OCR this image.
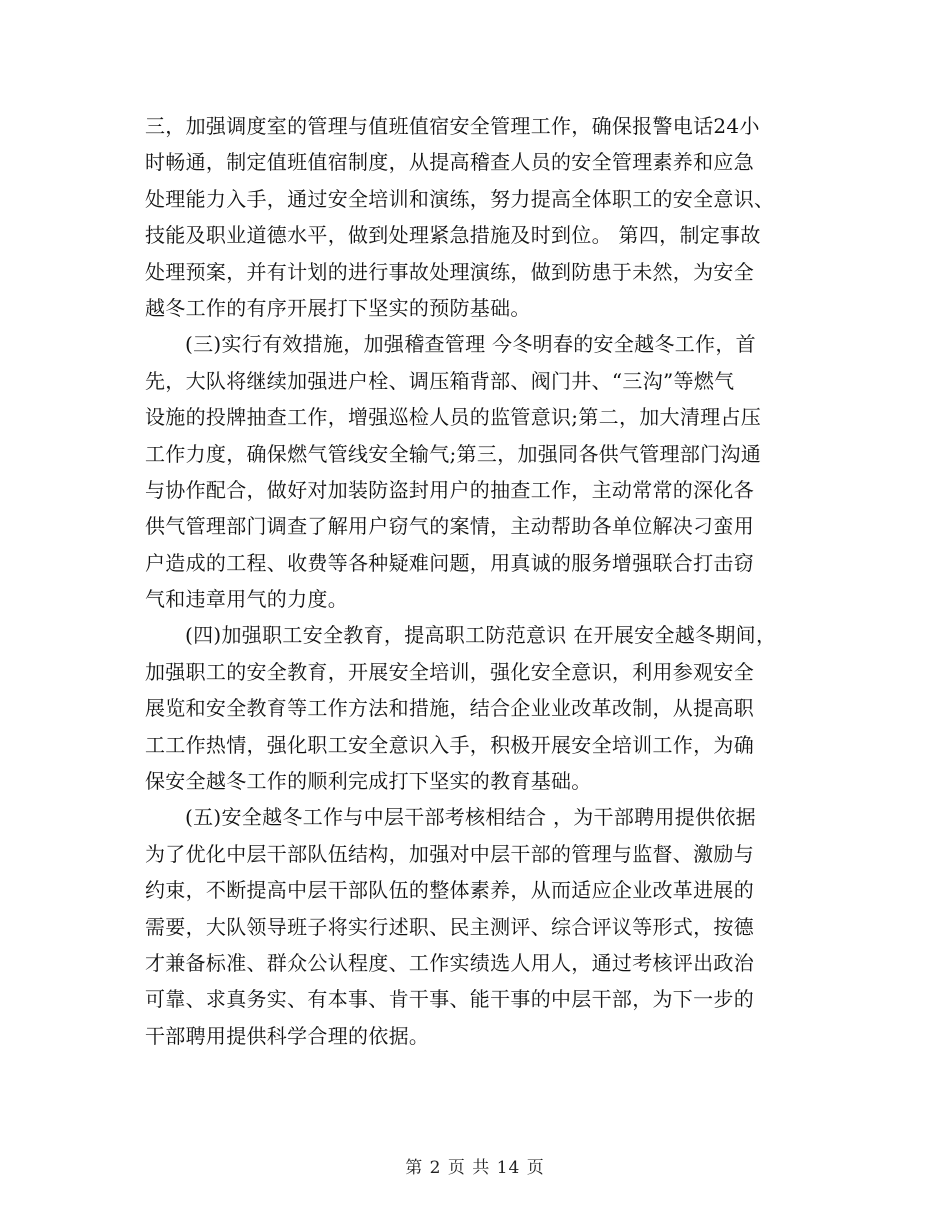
三，加强调度室的管理与值班值宿安全管理工作，确保报警电话24小
时畅通，制定值班值宿制度，从提高稽查人员的安全管理素养和应急
处理能力入手，通过安全培训和演练，努力提高全体职工的安全意识、
技能及职业道德水平，做到处理紧急措施及时到位。 第四，制定事故
处理预案，并有计划的进行事故处理演练，做到防患于未然，为安全
越冬工作的有序开展打下坚实的预防基础。
(三)实行有效措施，加强稽查管理 今冬明春的安全越冬工作，首
先，大队将继续加强进户栓、调压箱背部、阀门井、“三沟”等燃气
设施的投牌抽查工作，增强巡检人员的监管意识;第二，加大清理占压
工作力度，确保燃气管线安全输气;第三，加强同各供气管理部门沟通
与协作配合，做好对加装防盗封用户的抽查工作，主动常常的深化各
供气管理部门调查了解用户窃气的案情，主动帮助各单位解决刁蛮用
户造成的工程、收费等各种疑难问题，用真诚的服务增强联合打击窃
气和违章用气的力度。
(四)加强职工安全教育，提高职工防范意识 在开展安全越冬期间，
加强职工的安全教育，开展安全培训，强化安全意识，利用参观安全
展览和安全教育等工作方法和措施，结合企业业改革改制，从提高职
工工作热情，强化职工安全意识入手，积极开展安全培训工作，为确
保安全越冬工作的顺利完成打下坚实的教育基础。
(五)安全越冬工作与中层干部考核相结合 ，为干部聘用提供依据
为了优化中层干部队伍结构，加强对中层干部的管理与监督、激励与
约束，不断提高中层干部队伍的整体素养，从而适应企业改革进展的
需要，大队领导班子将实行述职、民主测评、综合评议等形式，按德
才兼备标准、群众公认程度、工作实绩选人用人，通过考核评出政治
可靠、求真务实、有本事、肯干事、能干事的中层干部，为下一步的
干部聘用提供科学合理的依据。
第 2 页 共 14 页
